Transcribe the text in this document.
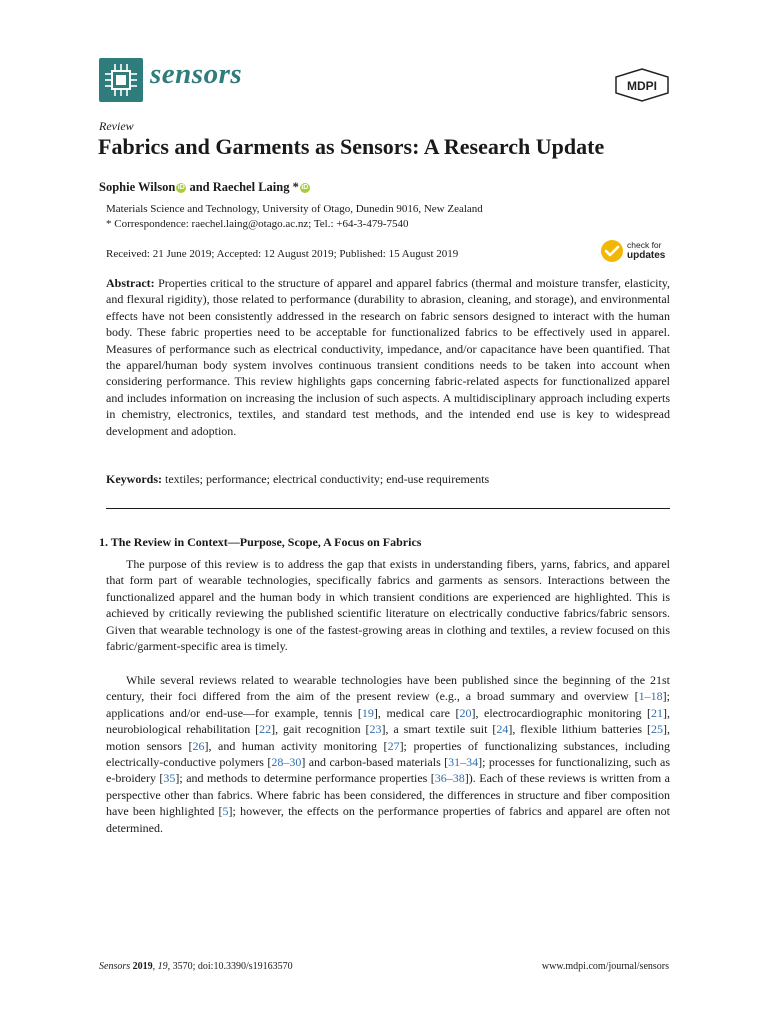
sensors	MDPI
Review
Fabrics and Garments as Sensors: A Research Update
Sophie Wilson iD and Raechel Laing * iD
Materials Science and Technology, University of Otago, Dunedin 9016, New Zealand
* Correspondence: raechel.laing@otago.ac.nz; Tel.: +64-3-479-7540
Received: 21 June 2019; Accepted: 12 August 2019; Published: 15 August 2019
check for
updates
Abstract: Properties critical to the structure of apparel and apparel fabrics (thermal and moisture transfer, elasticity, and flexural rigidity), those related to performance (durability to abrasion, cleaning, and storage), and environmental effects have not been consistently addressed in the research on fabric sensors designed to interact with the human body. These fabric properties need to be acceptable for functionalized fabrics to be effectively used in apparel. Measures of performance such as electrical conductivity, impedance, and/or capacitance have been quantified. That the apparel/human body system involves continuous transient conditions needs to be taken into account when considering performance. This review highlights gaps concerning fabric-related aspects for functionalized apparel and includes information on increasing the inclusion of such aspects. A multidisciplinary approach including experts in chemistry, electronics, textiles, and standard test methods, and the intended end use is key to widespread development and adoption.
Keywords: textiles; performance; electrical conductivity; end-use requirements
1. The Review in Context—Purpose, Scope, A Focus on Fabrics
The purpose of this review is to address the gap that exists in understanding fibers, yarns, fabrics, and apparel that form part of wearable technologies, specifically fabrics and garments as sensors. Interactions between the functionalized apparel and the human body in which transient conditions are experienced are highlighted. This is achieved by critically reviewing the published scientific literature on electrically conductive fabrics/fabric sensors. Given that wearable technology is one of the fastest-growing areas in clothing and textiles, a review focused on this fabric/garment-specific area is timely.
While several reviews related to wearable technologies have been published since the beginning of the 21st century, their foci differed from the aim of the present review (e.g., a broad summary and overview [1–18]; applications and/or end-use—for example, tennis [19], medical care [20], electrocardiographic monitoring [21], neurobiological rehabilitation [22], gait recognition [23], a smart textile suit [24], flexible lithium batteries [25], motion sensors [26], and human activity monitoring [27]; properties of functionalizing substances, including electrically-conductive polymers [28–30] and carbon-based materials [31–34]; processes for functionalizing, such as e-broidery [35]; and methods to determine performance properties [36–38]). Each of these reviews is written from a perspective other than fabrics. Where fabric has been considered, the differences in structure and fiber composition have been highlighted [5]; however, the effects on the performance properties of fabrics and apparel are often not determined.
Sensors 2019, 19, 3570; doi:10.3390/s19163570	www.mdpi.com/journal/sensors
